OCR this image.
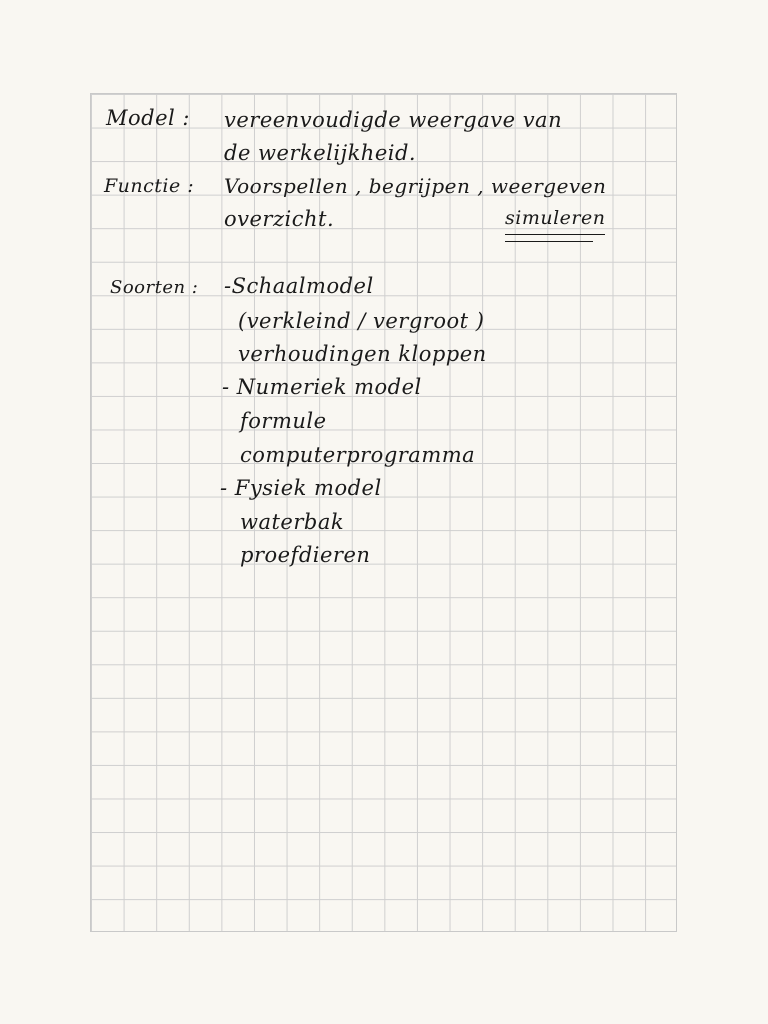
Model : vereenvoudigde weergave van
de werkelijkheid.
Functie : Voorspellen , begrijpen , weergeven
overzicht.	simuleren
Soorten : -Schaalmodel
(verkleind / vergroot )
verhoudingen kloppen
- Numeriek model
formule
computerprogramma
- Fysiek model
waterbak
proefdieren
